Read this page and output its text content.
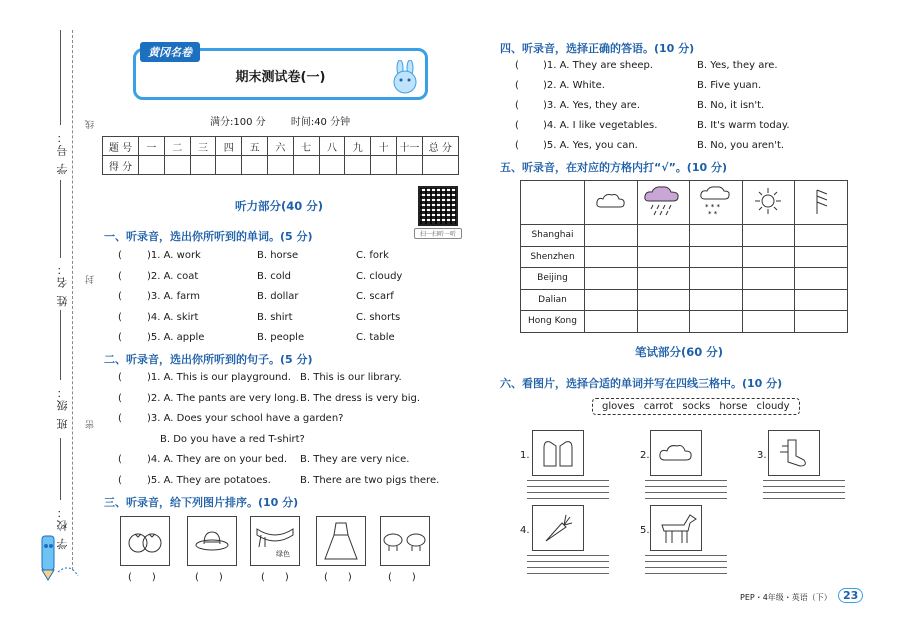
学 号：
姓 名：
班 级：
学 校：
线
封
密
黄冈名卷
期末测试卷(一)
满分:100 分	时间:40 分钟
题 号	一	二	三	四	五	六	七	八	九	十	十一	总 分
得 分												
扫一扫听一听
听力部分(40 分)
一、听录音，选出你所听到的单词。(5 分)
(	)1. A. work	B. horse	C. fork
(	)2. A. coat	B. cold	C. cloudy
(	)3. A. farm	B. dollar	C. scarf
(	)4. A. skirt	B. shirt	C. shorts
(	)5. A. apple	B. people	C. table
二、听录音，选出你所听到的句子。(5 分)
(	)1. A. This is our playground. B. This is our library.
(	)2. A. The pants are very long. B. The dress is very big.
(	)3. A. Does your school have a garden?
B. Do you have a red T-shirt?
(	)4. A. They are on your bed. B. They are very nice.
(	)5. A. They are potatoes.	B. There are two pigs there.
三、听录音，给下列图片排序。(10 分)
绿色
(　　)	(　　)	(　　)	(　　)	(　　)
四、听录音，选择正确的答语。(10 分)
( )1. A. They are sheep.	B. Yes, they are.
( )2. A. White.	B. Five yuan.
( )3. A. Yes, they are.	B. No, it isn't.
( )4. A. I like vegetables.	B. It's warm today.
( )5. A. Yes, you can.	B. No, you aren't.
五、听录音，在对应的方格内打“√”。(10 分)

* * *
* *

Shanghai					
Shenzhen					
Beijing					
Dalian					
Hong Kong					
笔试部分(60 分)
六、看图片，选择合适的单词并写在四线三格中。(10 分)
gloves carrot socks horse cloudy
1.	2.	3.
4.	5.
PEP・4年级・英语（下）	23
